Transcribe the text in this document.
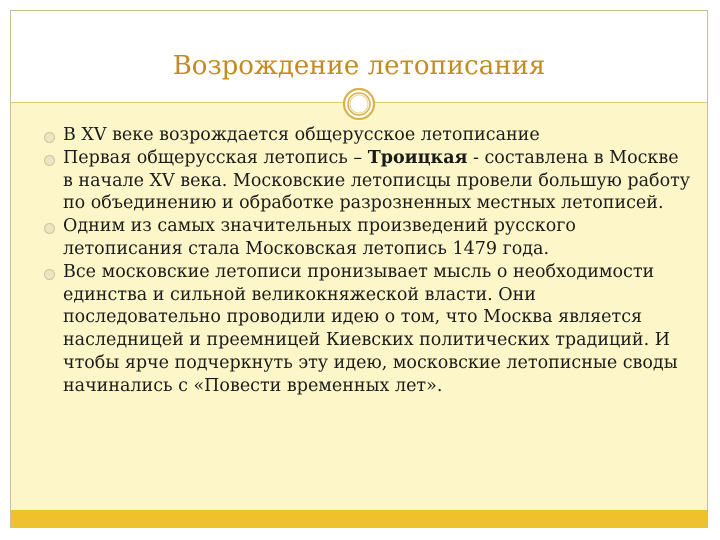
Возрождение летописания
В XV веке возрождается общерусское летописание
Первая общерусская летопись – Троицкая - составлена в Москве в начале XV века. Московские летописцы провели большую работу по объединению и обработке разрозненных местных летописей.
Одним из самых значительных произведений русского летописания стала Московская летопись 1479 года.
Все московские летописи пронизывает мысль о необходимости единства и сильной великокняжеской власти. Они последовательно проводили идею о том, что Москва является наследницей и преемницей Киевских политических традиций. И чтобы ярче подчеркнуть эту идею, московские летописные своды начинались с «Повести временных лет».
